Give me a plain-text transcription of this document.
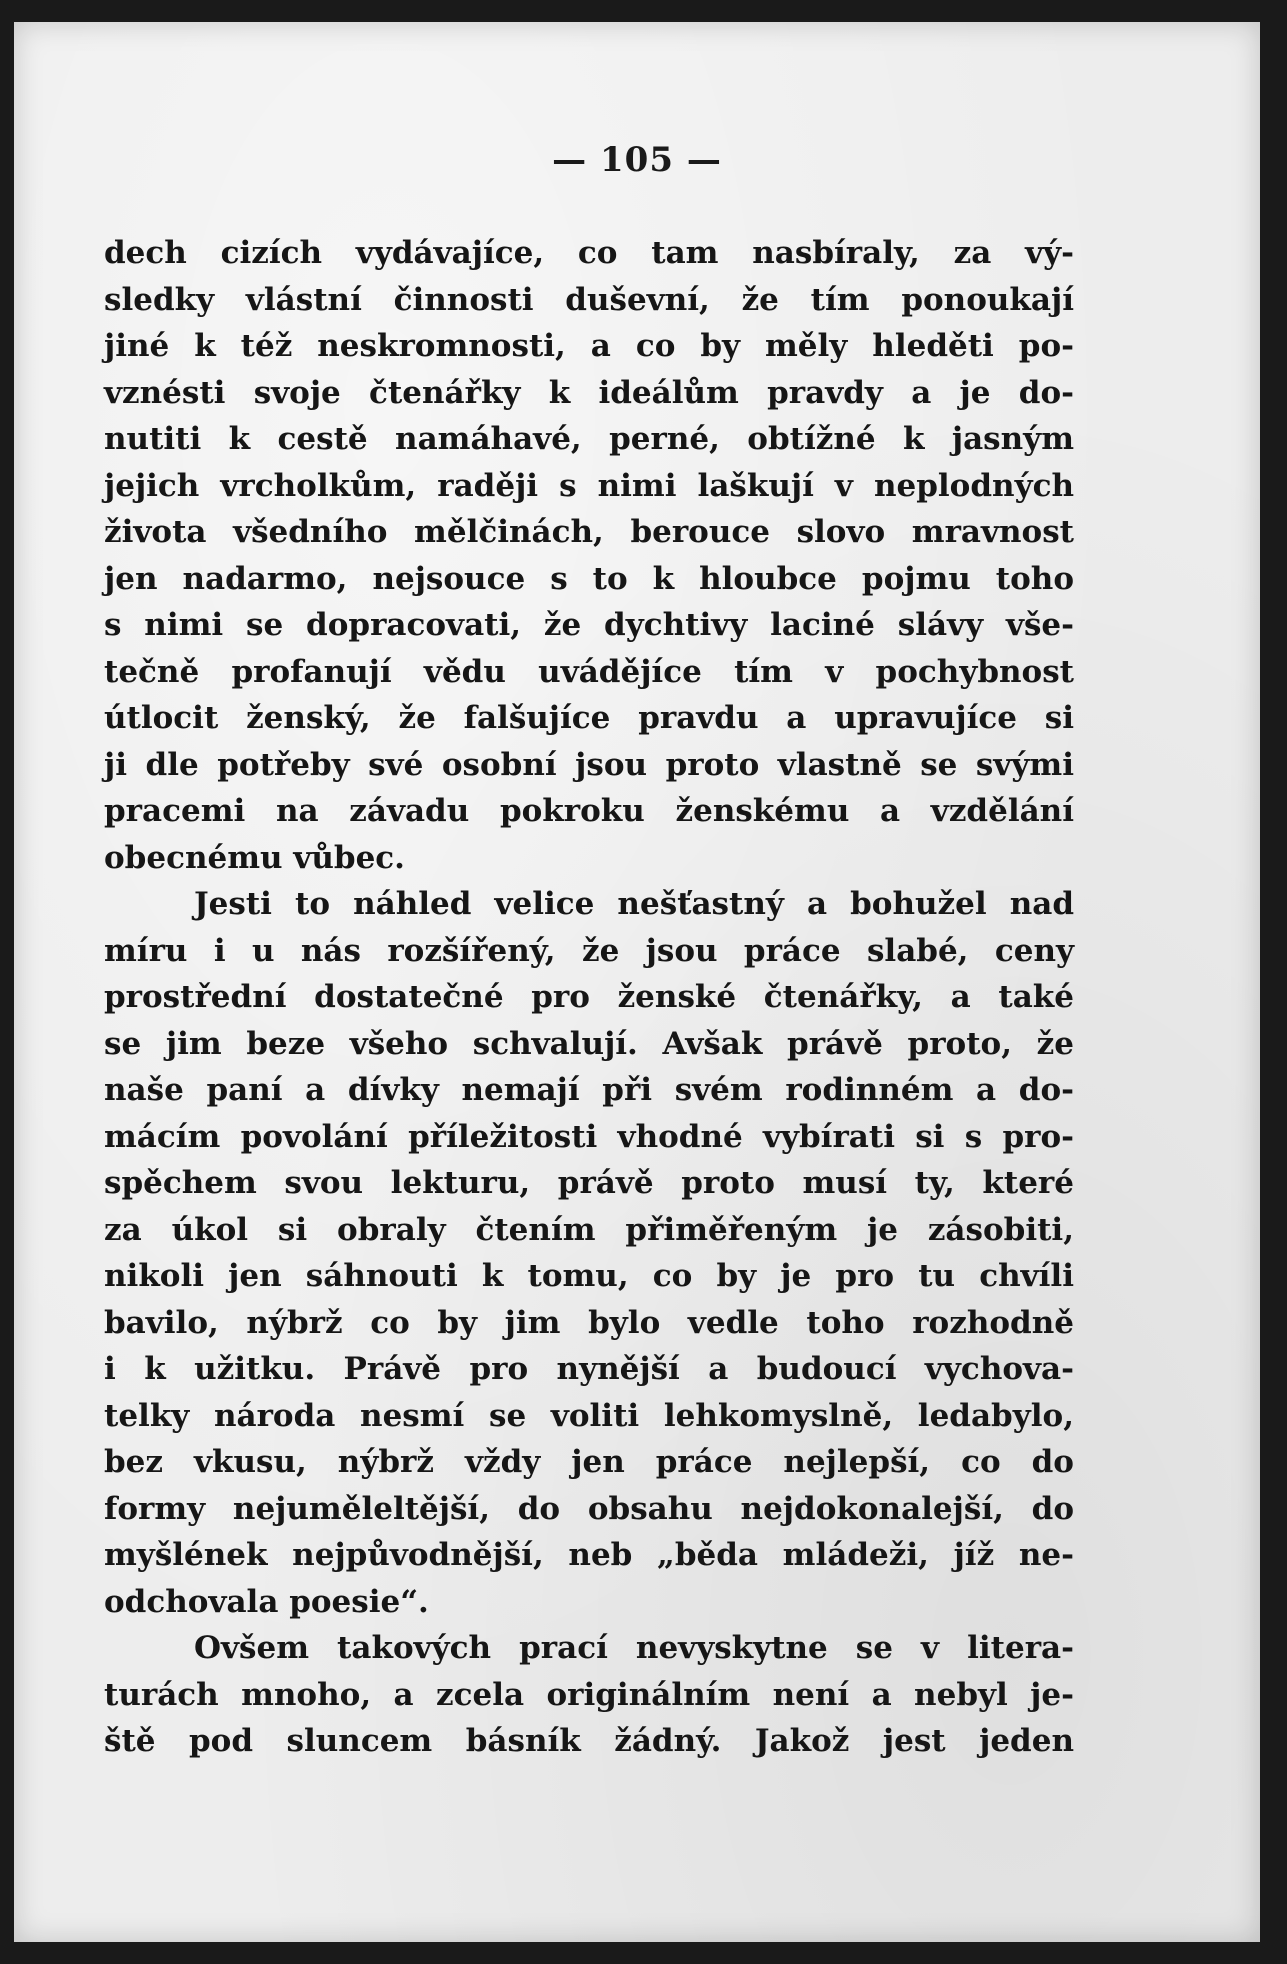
— 105 —
dech cizích vydávajíce, co tam nasbíraly, za vý-
sledky vlástní činnosti duševní, že tím ponoukají
jiné k též neskromnosti, a co by měly hleděti po-
vznésti svoje čtenářky k ideálům pravdy a je do-
nutiti k cestě namáhavé, perné, obtížné k jasným
jejich vrcholkům, raději s nimi laškují v neplodných
života všedního mělčinách, berouce slovo mravnost
jen nadarmo, nejsouce s to k hloubce pojmu toho
s nimi se dopracovati, že dychtivy laciné slávy vše-
tečně profanují vědu uvádějíce tím v pochybnost
útlocit ženský, že falšujíce pravdu a upravujíce si
ji dle potřeby své osobní jsou proto vlastně se svými
pracemi na závadu pokroku ženskému a vzdělání
obecnému vůbec.
Jesti to náhled velice nešťastný a bohužel nad
míru i u nás rozšířený, že jsou práce slabé, ceny
prostřední dostatečné pro ženské čtenářky, a také
se jim beze všeho schvalují. Avšak právě proto, že
naše paní a dívky nemají při svém rodinném a do-
mácím povolání příležitosti vhodné vybírati si s pro-
spěchem svou lekturu, právě proto musí ty, které
za úkol si obraly čtením přiměřeným je zásobiti,
nikoli jen sáhnouti k tomu, co by je pro tu chvíli
bavilo, nýbrž co by jim bylo vedle toho rozhodně
i k užitku. Právě pro nynější a budoucí vychova-
telky národa nesmí se voliti lehkomyslně, ledabylo,
bez vkusu, nýbrž vždy jen práce nejlepší, co do
formy nejuměleltější, do obsahu nejdokonalejší, do
myšlének nejpůvodnější, neb „běda mládeži, jíž ne-
odchovala poesie“.
Ovšem takových prací nevyskytne se v litera-
turách mnoho, a zcela originálním není a nebyl je-
ště pod sluncem básník žádný. Jakož jest jeden
